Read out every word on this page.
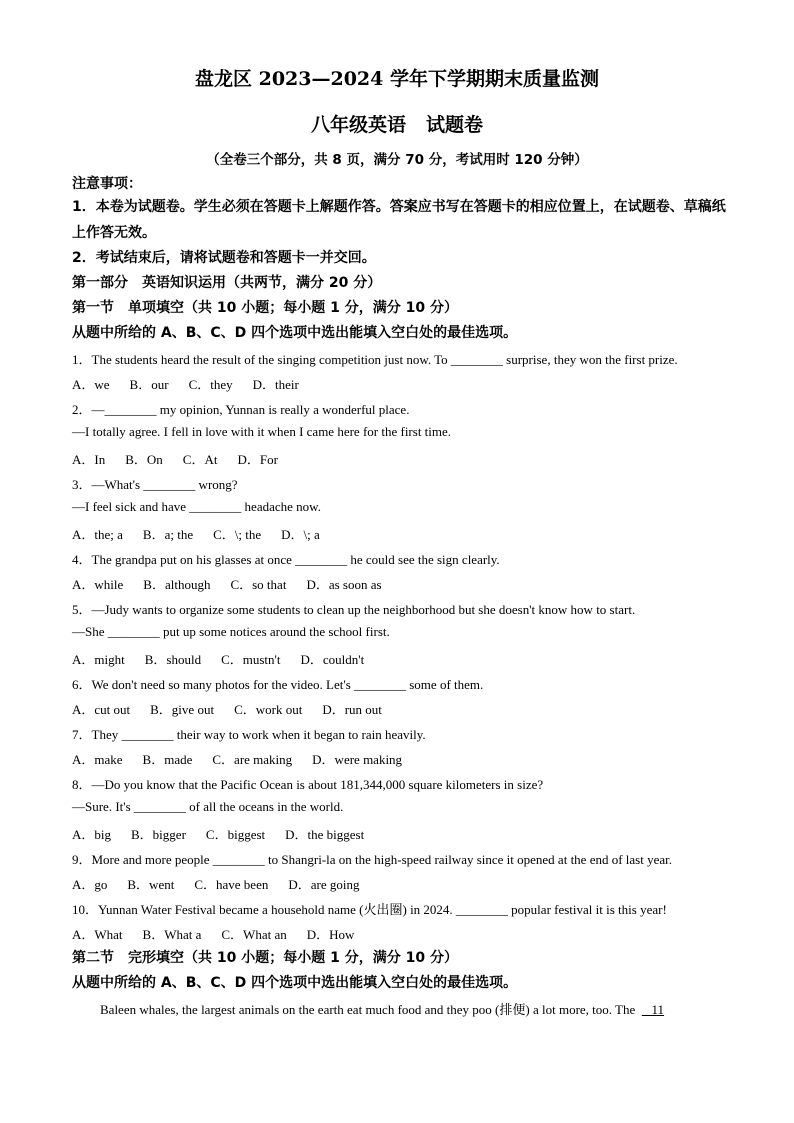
盘龙区 2023—2024 学年下学期期末质量监测
八年级英语 试题卷
（全卷三个部分，共 8 页，满分 70 分，考试用时 120 分钟）
注意事项：
1．本卷为试题卷。学生必须在答题卡上解题作答。答案应书写在答题卡的相应位置上，在试题卷、草稿纸上作答无效。
2．考试结束后，请将试题卷和答题卡一并交回。
第一部分　英语知识运用（共两节，满分 20 分）
第一节　单项填空（共 10 小题；每小题 1 分，满分 10 分）
从题中所给的 A、B、C、D 四个选项中选出能填入空白处的最佳选项。
1．The students heard the result of the singing competition just now. To ________ surprise, they won the first prize.
A．we B．our C．they D．their
2．—________ my opinion, Yunnan is really a wonderful place.
—I totally agree. I fell in love with it when I came here for the first time.
A．In B．On C．At D．For
3．—What's ________ wrong?
—I feel sick and have ________ headache now.
A．the; a B．a; the C．\; the D．\; a
4．The grandpa put on his glasses at once ________ he could see the sign clearly.
A．while B．although C．so that D．as soon as
5．—Judy wants to organize some students to clean up the neighborhood but she doesn't know how to start.
—She ________ put up some notices around the school first.
A．might B．should C．mustn't D．couldn't
6．We don't need so many photos for the video. Let's ________ some of them.
A．cut out B．give out C．work out D．run out
7．They ________ their way to work when it began to rain heavily.
A．make B．made C．are making D．were making
8．—Do you know that the Pacific Ocean is about 181,344,000 square kilometers in size?
—Sure. It's ________ of all the oceans in the world.
A．big B．bigger C．biggest D．the biggest
9．More and more people ________ to Shangri-la on the high-speed railway since it opened at the end of last year.
A．go B．went C．have been D．are going
10．Yunnan Water Festival became a household name (火出圈) in 2024. ________ popular festival it is this year!
A．What B．What a C．What an D．How
第二节　完形填空（共 10 小题；每小题 1 分，满分 10 分）
从题中所给的 A、B、C、D 四个选项中选出能填入空白处的最佳选项。
Baleen whales, the largest animals on the earth eat much food and they poo (排便) a lot more, too. The 11
